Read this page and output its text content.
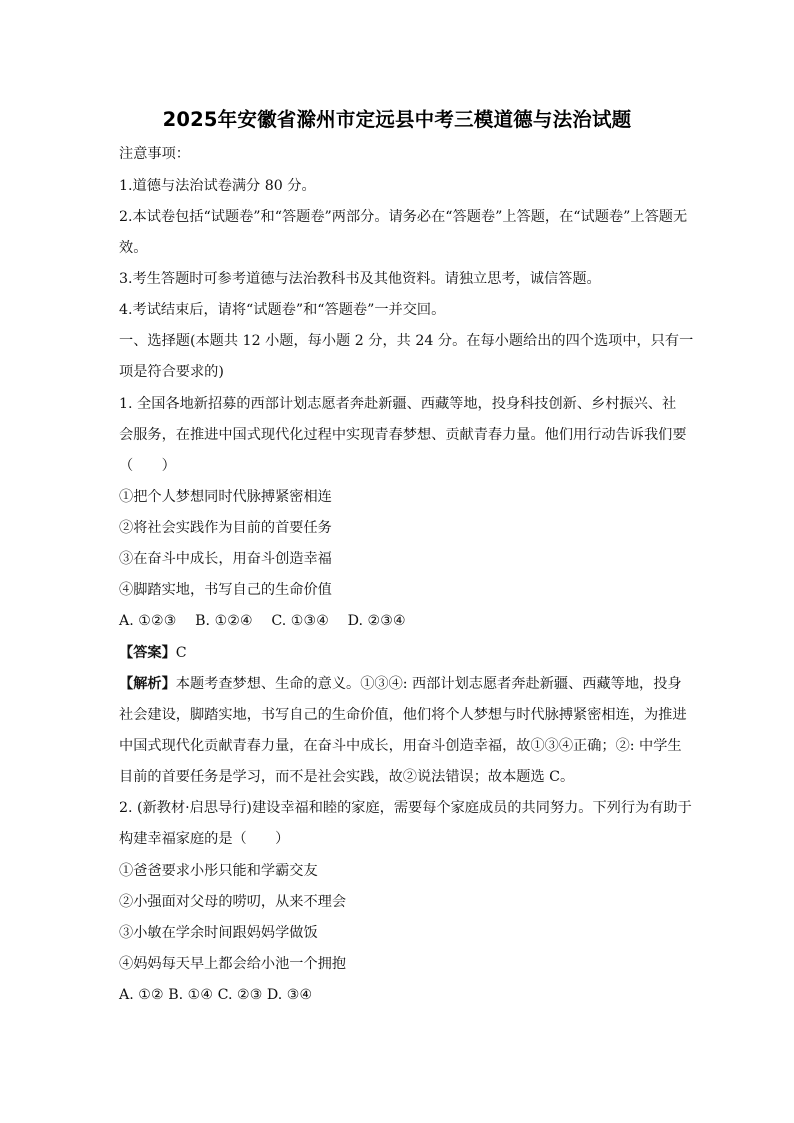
2025年安徽省滁州市定远县中考三模道德与法治试题
注意事项：
1.道德与法治试卷满分 80 分。
2.本试卷包括“试题卷”和“答题卷”两部分。请务必在“答题卷”上答题，在“试题卷”上答题无
效。
3.考生答题时可参考道德与法治教科书及其他资料。请独立思考，诚信答题。
4.考试结束后，请将“试题卷”和“答题卷”一并交回。
一、选择题(本题共 12 小题，每小题 2 分，共 24 分。在每小题给出的四个选项中，只有一
项是符合要求的)
1. 全国各地新招募的西部计划志愿者奔赴新疆、西藏等地，投身科技创新、乡村振兴、社
会服务，在推进中国式现代化过程中实现青春梦想、贡献青春力量。他们用行动告诉我们要
（　　）
①把个人梦想同时代脉搏紧密相连
②将社会实践作为目前的首要任务
③在奋斗中成长，用奋斗创造幸福
④脚踏实地，书写自己的生命价值
A. ①②③　 B. ①②④　 C. ①③④　 D. ②③④
【答案】C
【解析】本题考查梦想、生命的意义。①③④: 西部计划志愿者奔赴新疆、西藏等地，投身
社会建设，脚踏实地，书写自己的生命价值，他们将个人梦想与时代脉搏紧密相连，为推进
中国式现代化贡献青春力量，在奋斗中成长，用奋斗创造幸福，故①③④正确；②: 中学生
目前的首要任务是学习，而不是社会实践，故②说法错误；故本题选 C。
2. (新教材·启思导行)建设幸福和睦的家庭，需要每个家庭成员的共同努力。下列行为有助于
构建幸福家庭的是（　　）
①爸爸要求小彤只能和学霸交友
②小强面对父母的唠叨，从来不理会
③小敏在学余时间跟妈妈学做饭
④妈妈每天早上都会给小池一个拥抱
A. ①② B. ①④ C. ②③ D. ③④
